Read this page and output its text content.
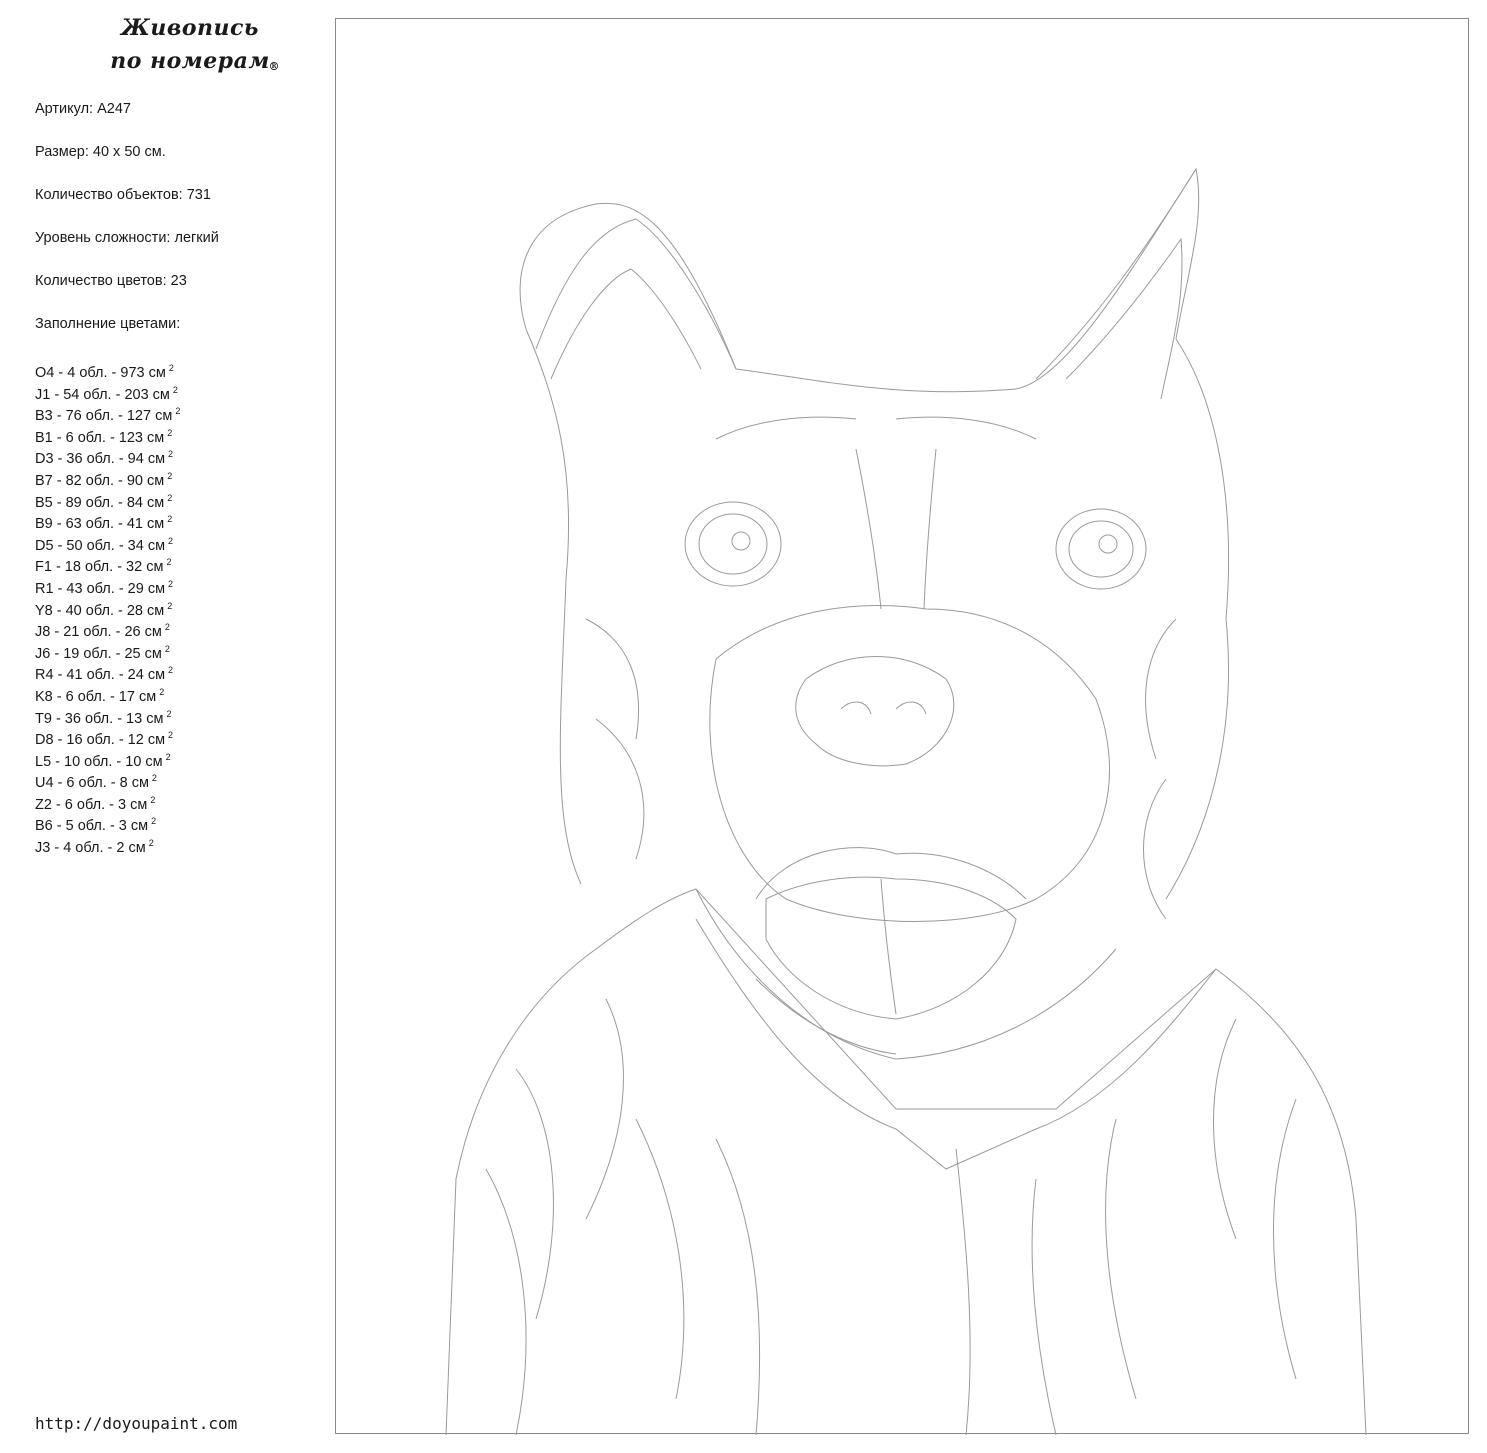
Живопись
по номерам
®
Артикул: A247
Размер: 40 х 50 см.
Количество объектов: 731
Уровень сложности: легкий
Количество цветов: 23
Заполнение цветами:
O4 - 4 обл. - 973 см $^2$
J1 - 54 обл. - 203 см $^2$
B3 - 76 обл. - 127 см $^2$
B1 - 6 обл. - 123 см $^2$
D3 - 36 обл. - 94 см $^2$
B7 - 82 обл. - 90 см $^2$
B5 - 89 обл. - 84 см $^2$
B9 - 63 обл. - 41 см $^2$
D5 - 50 обл. - 34 см $^2$
F1 - 18 обл. - 32 см $^2$
R1 - 43 обл. - 29 см $^2$
Y8 - 40 обл. - 28 см $^2$
J8 - 21 обл. - 26 см $^2$
J6 - 19 обл. - 25 см $^2$
R4 - 41 обл. - 24 см $^2$
K8 - 6 обл. - 17 см $^2$
T9 - 36 обл. - 13 см $^2$
D8 - 16 обл. - 12 см $^2$
L5 - 10 обл. - 10 см $^2$
U4 - 6 обл. - 8 см $^2$
Z2 - 6 обл. - 3 см $^2$
B6 - 5 обл. - 3 см $^2$
J3 - 4 обл. - 2 см $^2$
http://doyoupaint.com
